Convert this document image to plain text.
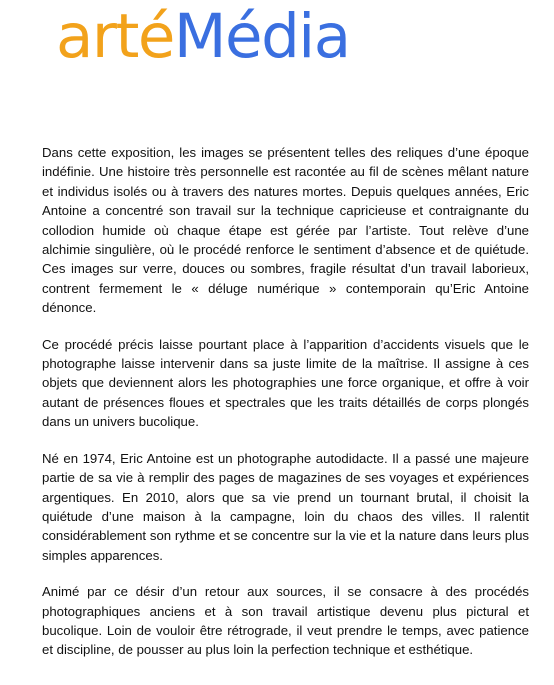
artéMédia

Dans cette exposition, les images se présentent telles des reliques d’une époque indéfinie. Une histoire très personnelle est racontée au fil de scènes mêlant nature et individus isolés ou à travers des natures mortes. Depuis quelques années, Eric Antoine a concentré son travail sur la technique capricieuse et contraignante du collodion humide où chaque étape est gérée par l’artiste. Tout relève d’une alchimie singulière, où le procédé renforce le sentiment d’absence et de quiétude. Ces images sur verre, douces ou sombres, fragile résultat d’un travail laborieux, contrent fermement le « déluge numérique » contemporain qu’Eric Antoine dénonce.

Ce procédé précis laisse pourtant place à l’apparition d’accidents visuels que le photographe laisse intervenir dans sa juste limite de la maîtrise. Il assigne à ces objets que deviennent alors les photographies une force organique, et offre à voir autant de présences floues et spectrales que les traits détaillés de corps plongés dans un univers bucolique.

Né en 1974, Eric Antoine est un photographe autodidacte. Il a passé une majeure partie de sa vie à remplir des pages de magazines de ses voyages et expériences argentiques. En 2010, alors que sa vie prend un tournant brutal, il choisit la quiétude d’une maison à la campagne, loin du chaos des villes. Il ralentit considérablement son rythme et se concentre sur la vie et la nature dans leurs plus simples apparences.

Animé par ce désir d’un retour aux sources, il se consacre à des procédés photographiques anciens et à son travail artistique devenu plus pictural et bucolique. Loin de vouloir être rétrograde, il veut prendre le temps, avec patience et discipline, de pousser au plus loin la perfection technique et esthétique.
